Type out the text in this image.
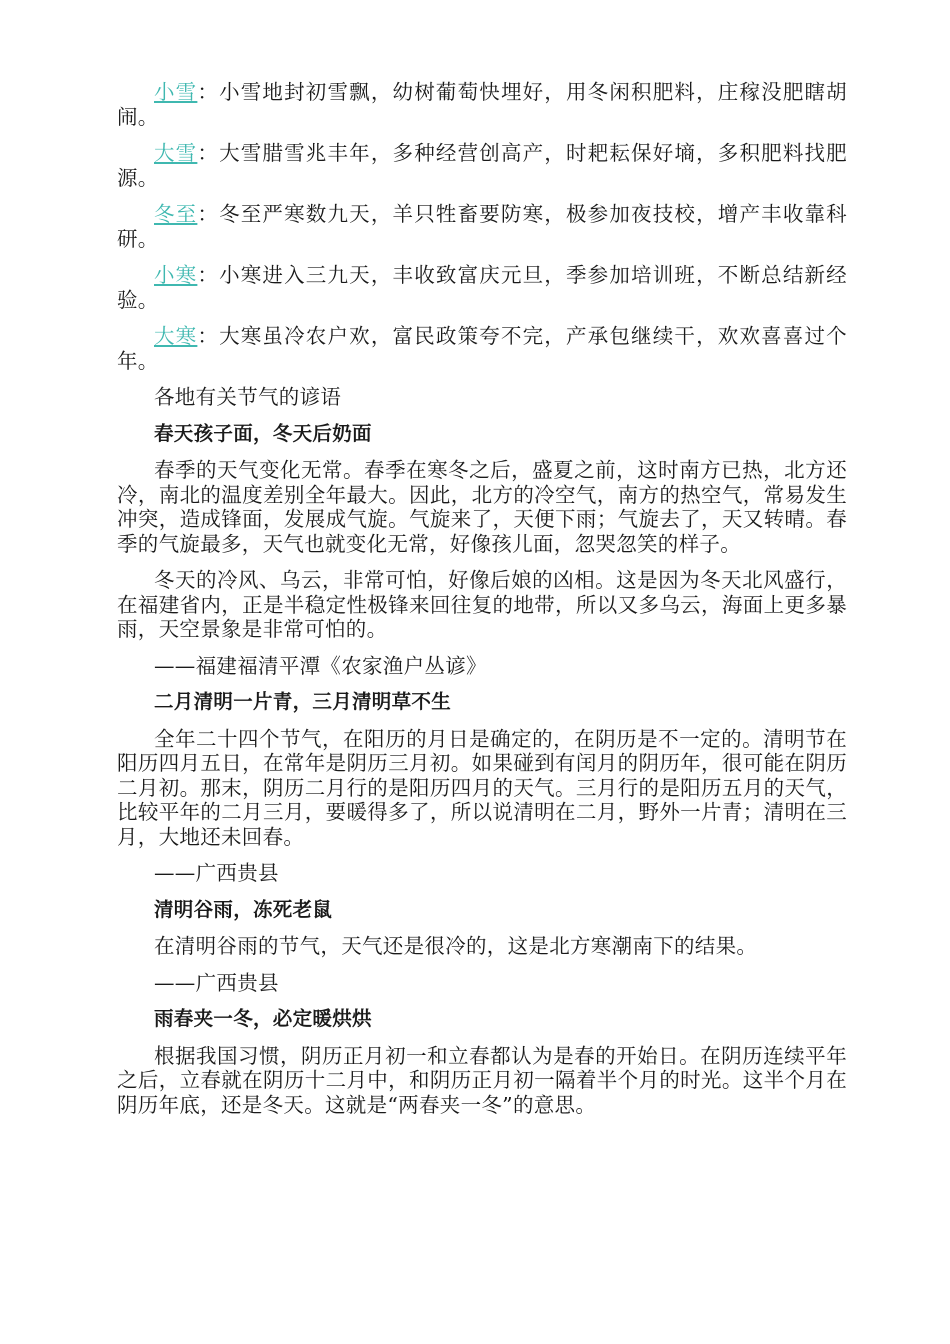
小雪：小雪地封初雪飘，幼树葡萄快埋好，用冬闲积肥料，庄稼没肥瞎胡闹。

大雪：大雪腊雪兆丰年，多种经营创高产，时耙耘保好墒，多积肥料找肥源。

冬至：冬至严寒数九天，羊只牲畜要防寒，极参加夜技校，增产丰收靠科研。

小寒：小寒进入三九天，丰收致富庆元旦，季参加培训班，不断总结新经验。

大寒：大寒虽冷农户欢，富民政策夸不完，产承包继续干，欢欢喜喜过个年。

各地有关节气的谚语

春天孩子面，冬天后奶面

春季的天气变化无常。春季在寒冬之后，盛夏之前，这时南方已热，北方还冷，南北的温度差别全年最大。因此，北方的冷空气，南方的热空气，常易发生冲突，造成锋面，发展成气旋。气旋来了，天便下雨；气旋去了，天又转晴。春季的气旋最多，天气也就变化无常，好像孩儿面，忽哭忽笑的样子。

冬天的冷风、乌云，非常可怕，好像后娘的凶相。这是因为冬天北风盛行，在福建省内，正是半稳定性极锋来回往复的地带，所以又多乌云，海面上更多暴雨，天空景象是非常可怕的。

——福建福清平潭《农家渔户丛谚》

二月清明一片青，三月清明草不生

全年二十四个节气，在阳历的月日是确定的，在阴历是不一定的。清明节在阳历四月五日，在常年是阴历三月初。如果碰到有闰月的阴历年，很可能在阴历二月初。那末，阴历二月行的是阳历四月的天气。三月行的是阳历五月的天气，比较平年的二月三月，要暖得多了，所以说清明在二月，野外一片青；清明在三月，大地还未回春。

——广西贵县

清明谷雨，冻死老鼠

在清明谷雨的节气，天气还是很冷的，这是北方寒潮南下的结果。

——广西贵县

雨春夹一冬，必定暖烘烘

根据我国习惯，阴历正月初一和立春都认为是春的开始日。在阴历连续平年之后，立春就在阴历十二月中，和阴历正月初一隔着半个月的时光。这半个月在阴历年底，还是冬天。这就是“两春夹一冬”的意思。
